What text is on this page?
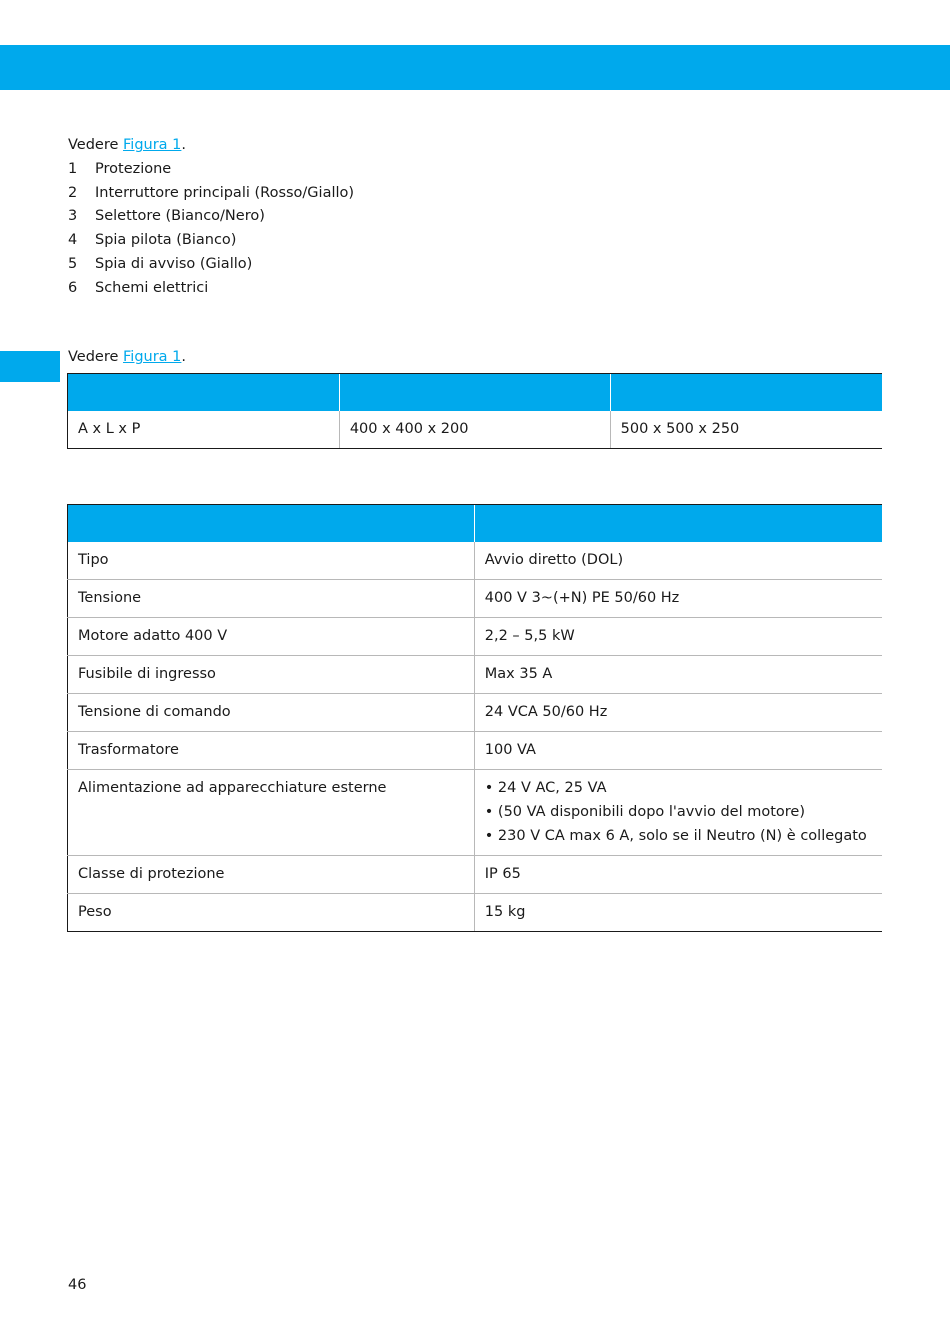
Vedere Figura 1.
1	Protezione
2	Interruttore principali (Rosso/Giallo)
3	Selettore (Bianco/Nero)
4	Spia pilota (Bianco)
5	Spia di avviso (Giallo)
6	Schemi elettrici
Vedere Figura 1.

A x L x P	400 x 400 x 200	500 x 500 x 250

Tipo	Avvio diretto (DOL)
Tensione	400 V 3~(+N) PE 50/60 Hz
Motore adatto 400 V	2,2 – 5,5 kW
Fusibile di ingresso	Max 35 A
Tensione di comando	24 VCA 50/60 Hz
Trasformatore	100 VA
Alimentazione ad apparecchiature esterne	• 24 V AC, 25 VA
• (50 VA disponibili dopo l'avvio del motore)
• 230 V CA max 6 A, solo se il Neutro (N) è collegato

Classe di protezione	IP 65
Peso	15 kg
46
